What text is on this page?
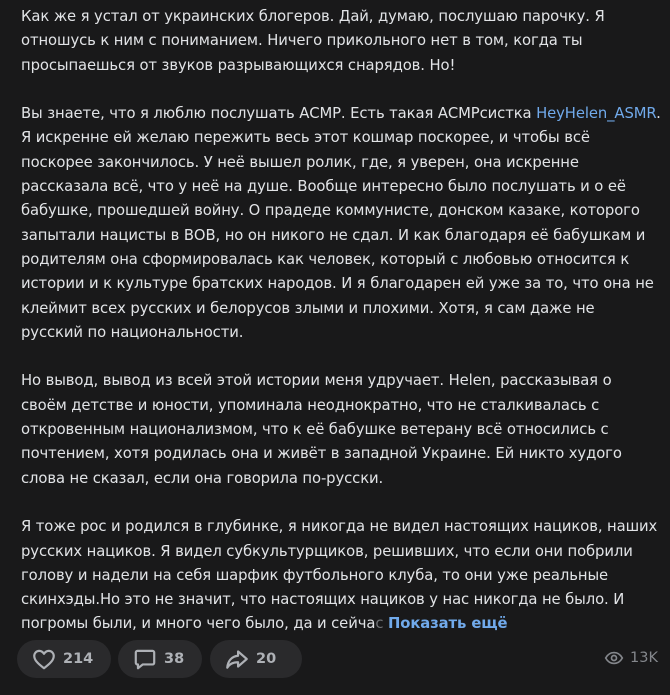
Как же я устал от украинских блогеров. Дай, думаю, послушаю парочку. Я отношусь к ним с пониманием. Ничего прикольного нет в том, когда ты просыпаешься от звуков разрывающихся снарядов. Но!

Вы знаете, что я люблю послушать АСМР. Есть такая АСМРсистка HeyHelen_ASMR. Я искренне ей желаю пережить весь этот кошмар поскорее, и чтобы всё поскорее закончилось. У неё вышел ролик, где, я уверен, она искренне рассказала всё, что у неё на душе. Вообще интересно было послушать и о её бабушке, прошедшей войну. О прадеде коммунисте, донском казаке, которого запытали нацисты в ВОВ, но он никого не сдал. И как благодаря её бабушкам и родителям она сформировалась как человек, который с любовью относится к истории и к культуре братских народов. И я благодарен ей уже за то, что она не клеймит всех русских и белорусов злыми и плохими. Хотя, я сам даже не русский по национальности.

Но вывод, вывод из всей этой истории меня удручает. Helen, рассказывая о своём детстве и юности, упоминала неоднократно, что не сталкивалась с откровенным национализмом, что к её бабушке ветерану всё относились с почтением, хотя родилась она и живёт в западной Украине. Ей никто худого слова не сказал, если она говорила по-русски.

Я тоже рос и родился в глубинке, я никогда не видел настоящих нациков, наших русских нациков. Я видел субкультурщиков, решивших, что если они побрили голову и надели на себя шарфик футбольного клуба, то они уже реальные скинхэды.Но это не значит, что настоящих нациков у нас никогда не было. И погромы были, и много чего было, да и сейчас Показать ещё

214	38	20	13K
